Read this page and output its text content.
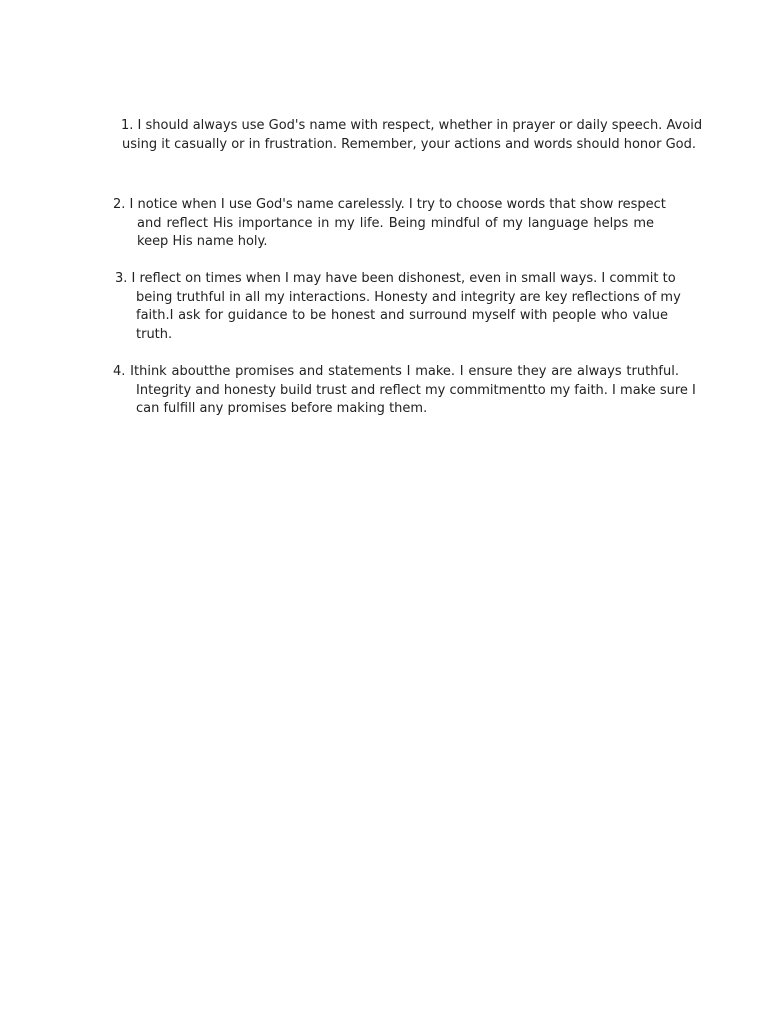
1. I should always use God's name with respect, whether in prayer or daily speech. Avoid
using it casually or in frustration. Remember, your actions and words should honor God.

2. I notice when I use God's name carelessly. I try to choose words that show respect
and reflect His importance in my life. Being mindful of my language helps me
keep His name holy.

3. I reflect on times when I may have been dishonest, even in small ways. I commit to
being truthful in all my interactions. Honesty and integrity are key reflections of my
faith.I ask for guidance to be honest and surround myself with people who value
truth.

4. Ithink aboutthe promises and statements I make. I ensure they are always truthful.
Integrity and honesty build trust and reflect my commitmentto my faith. I make sure I
can fulfill any promises before making them.
